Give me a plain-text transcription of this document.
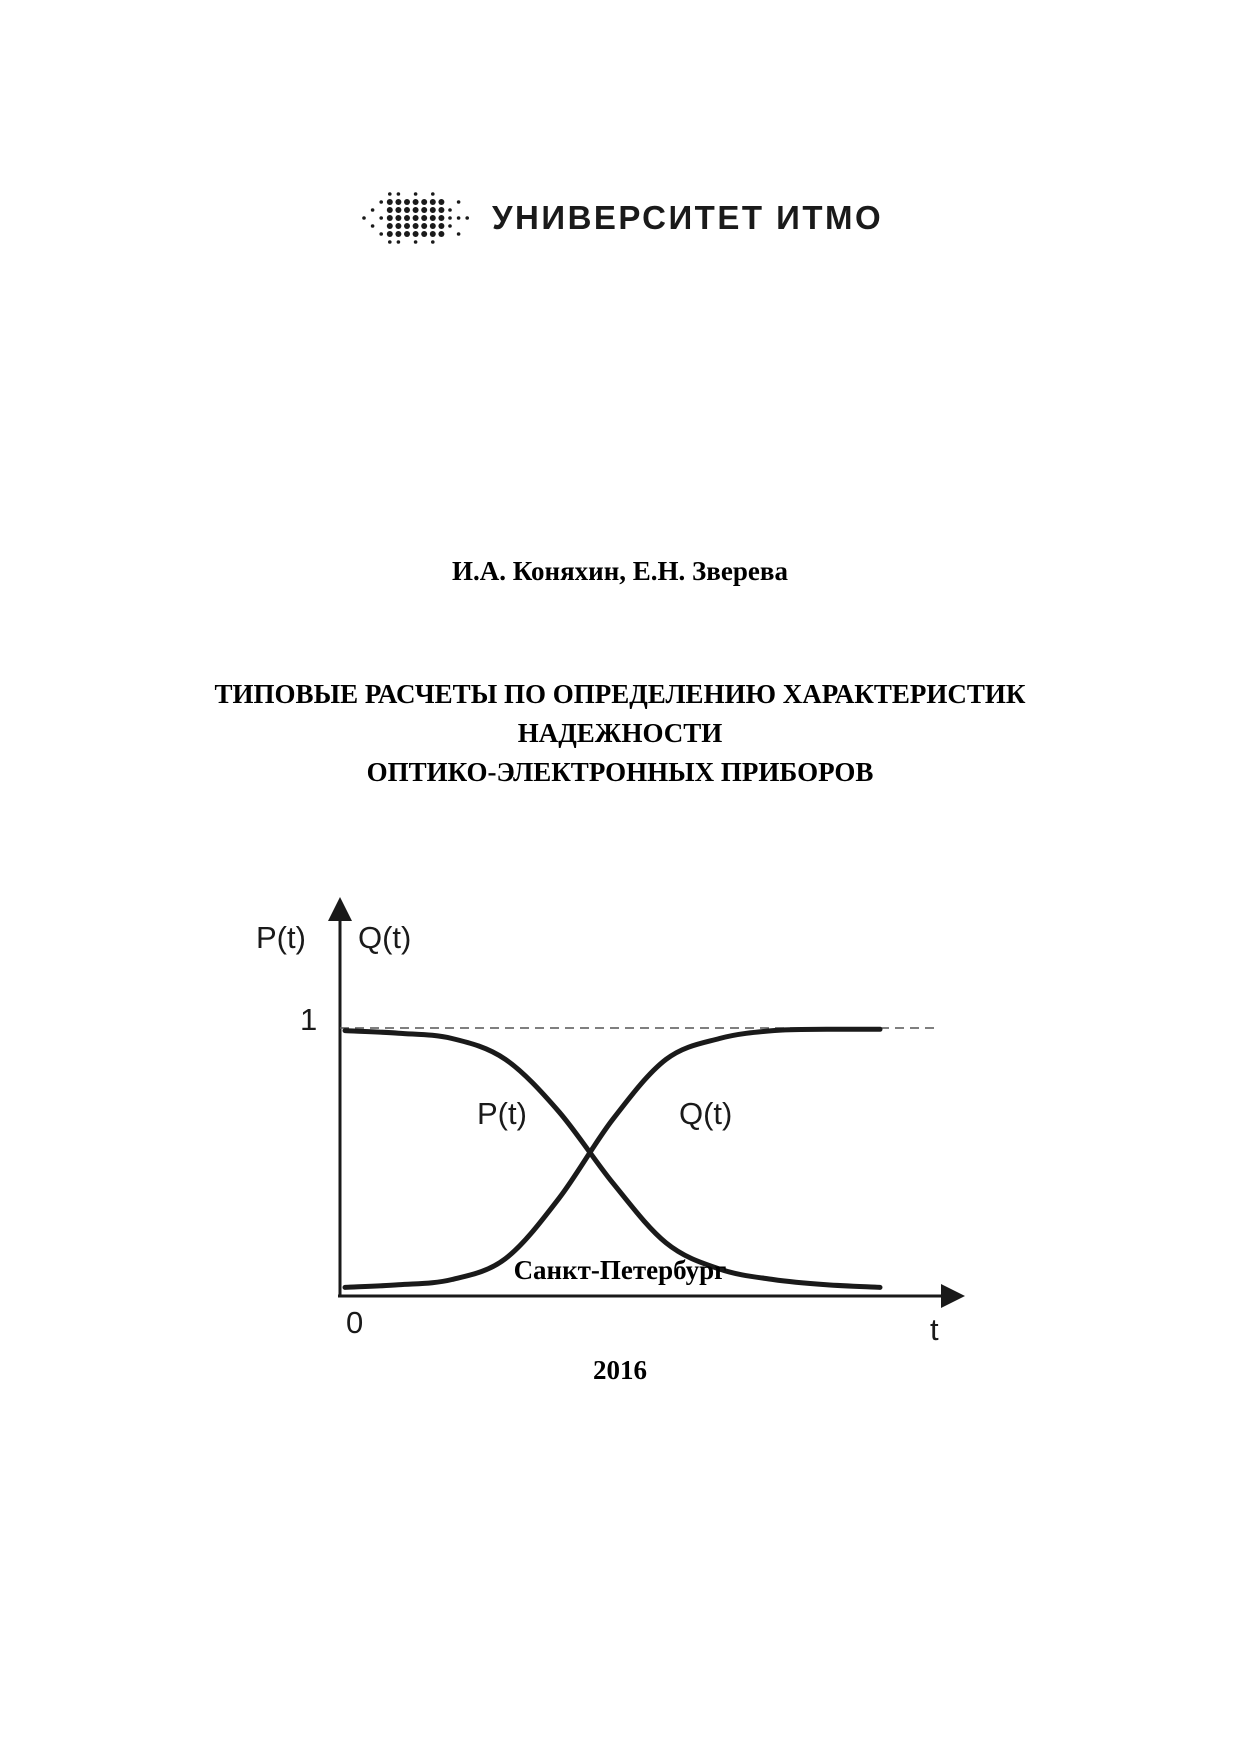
УНИВЕРСИТЕТ ИТМО
И.А. Коняхин, Е.Н. Зверева
ТИПОВЫЕ РАСЧЕТЫ ПО ОПРЕДЕЛЕНИЮ ХАРАКТЕРИСТИК
НАДЕЖНОСТИ
ОПТИКО-ЭЛЕКТРОННЫХ ПРИБОРОВ
P(t) Q(t)
1
0	t
P(t)	Q(t)
Санкт-Петербург
2016
